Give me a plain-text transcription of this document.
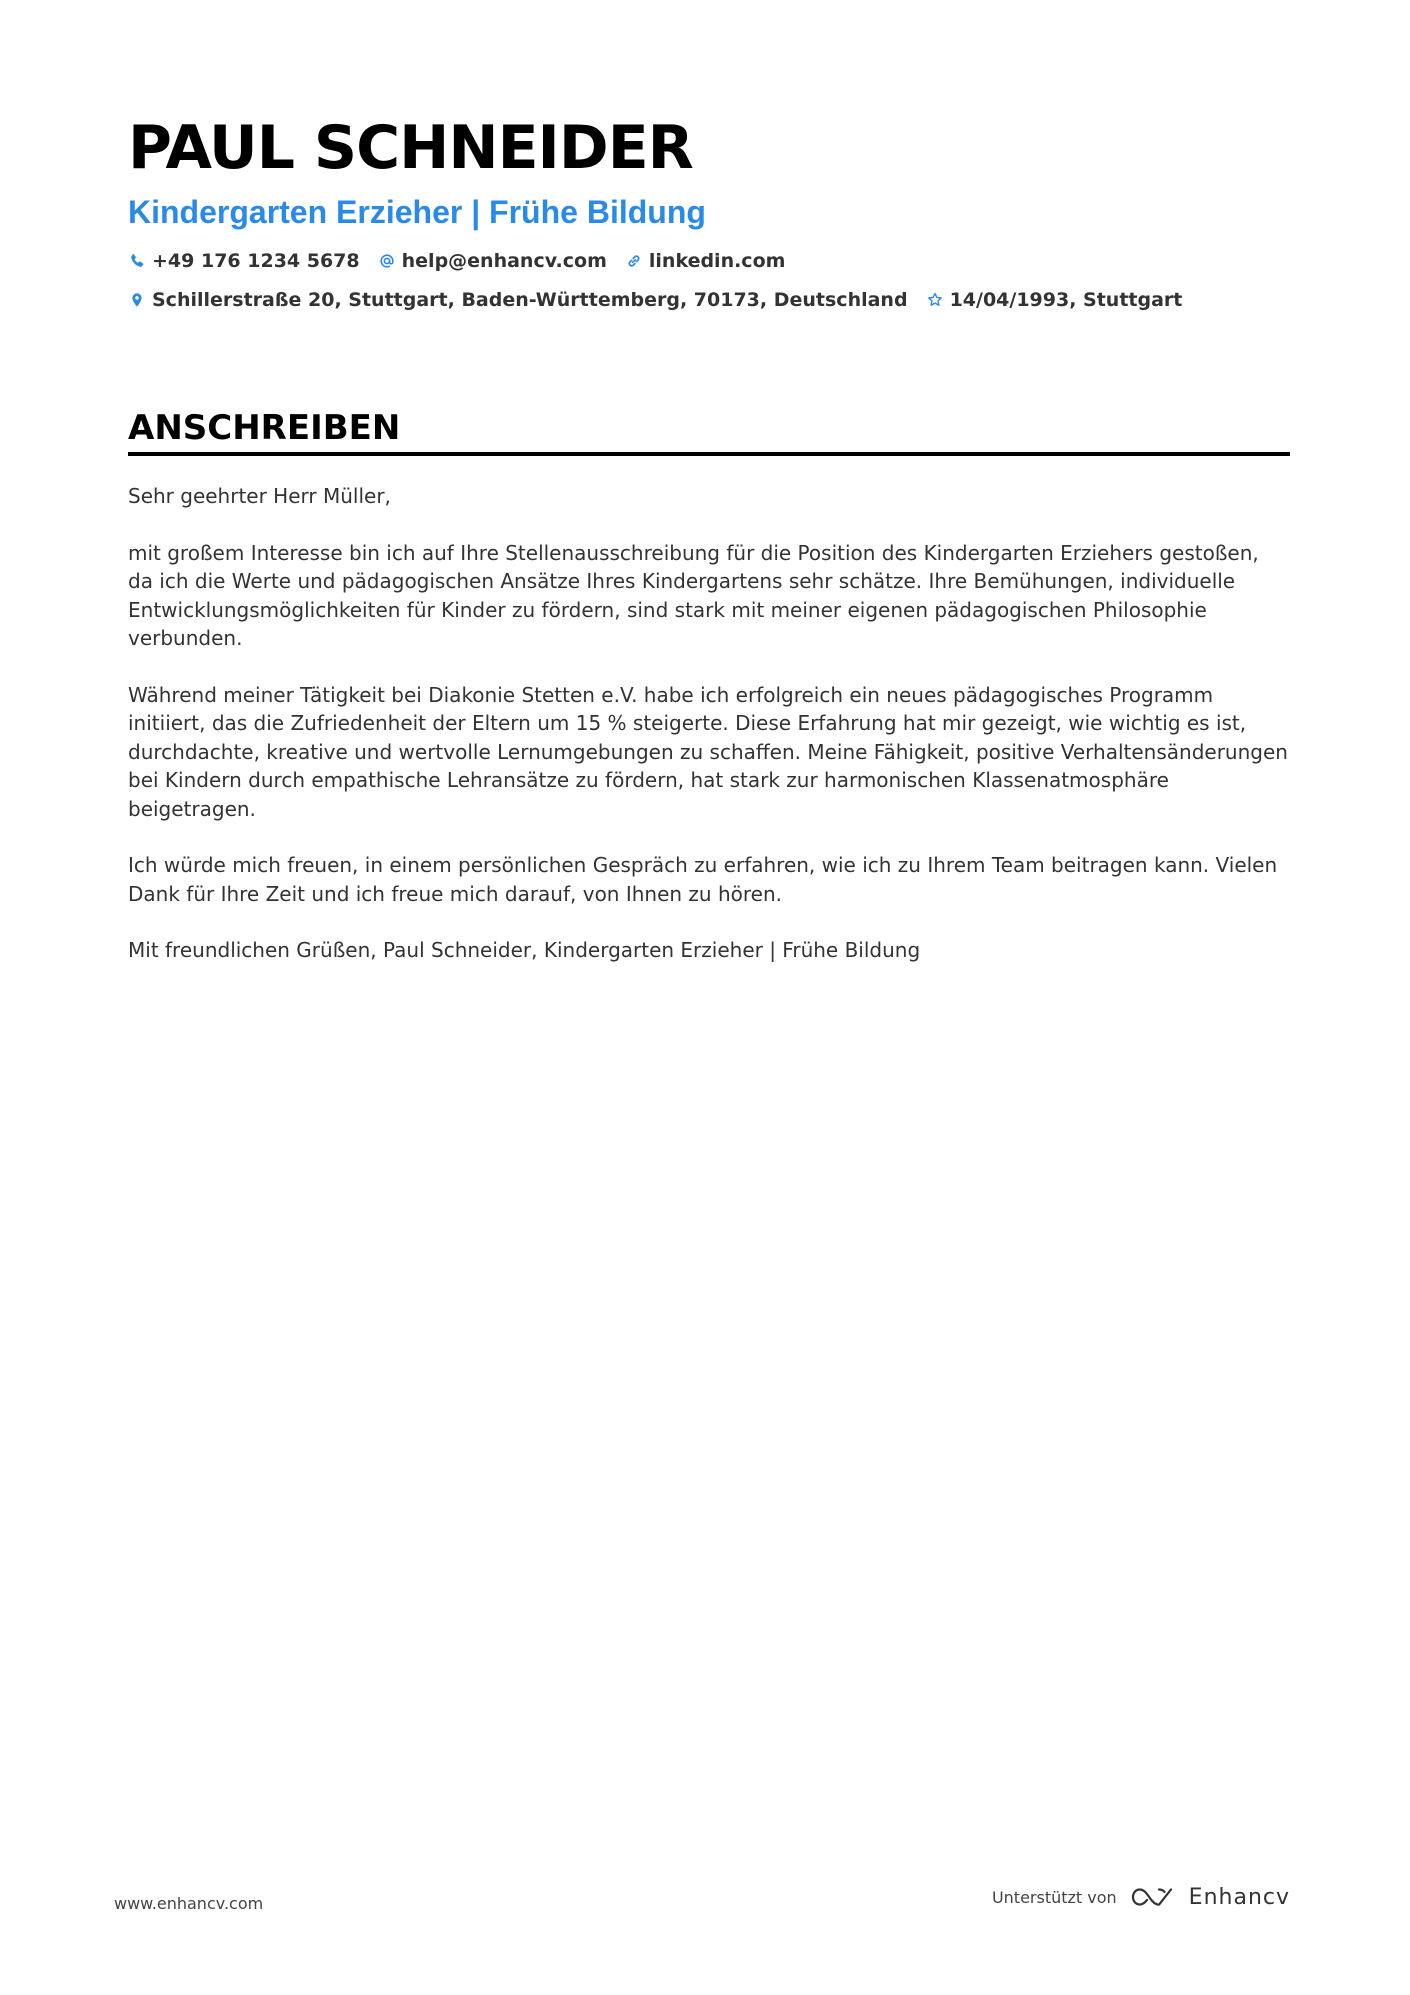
PAUL SCHNEIDER
Kindergarten Erzieher | Frühe Bildung
+49 176 1234 5678 help@enhancv.com linkedin.com
Schillerstraße 20, Stuttgart, Baden-Württemberg, 70173, Deutschland 14/04/1993, Stuttgart
ANSCHREIBEN

Sehr geehrter Herr Müller,

mit großem Interesse bin ich auf Ihre Stellenausschreibung für die Position des Kindergarten Erziehers gestoßen, da ich die Werte und pädagogischen Ansätze Ihres Kindergartens sehr schätze. Ihre Bemühungen, individuelle Entwicklungsmöglichkeiten für Kinder zu fördern, sind stark mit meiner eigenen pädagogischen Philosophie verbunden.

Während meiner Tätigkeit bei Diakonie Stetten e.V. habe ich erfolgreich ein neues pädagogisches Programm initiiert, das die Zufriedenheit der Eltern um 15 % steigerte. Diese Erfahrung hat mir gezeigt, wie wichtig es ist, durchdachte, kreative und wertvolle Lernumgebungen zu schaffen. Meine Fähigkeit, positive Verhaltensänderungen bei Kindern durch empathische Lehransätze zu fördern, hat stark zur harmonischen Klassenatmosphäre beigetragen.

Ich würde mich freuen, in einem persönlichen Gespräch zu erfahren, wie ich zu Ihrem Team beitragen kann. Vielen Dank für Ihre Zeit und ich freue mich darauf, von Ihnen zu hören.

Mit freundlichen Grüßen, Paul Schneider, Kindergarten Erzieher | Frühe Bildung

www.enhancv.com	Unterstützt von	Enhancv
